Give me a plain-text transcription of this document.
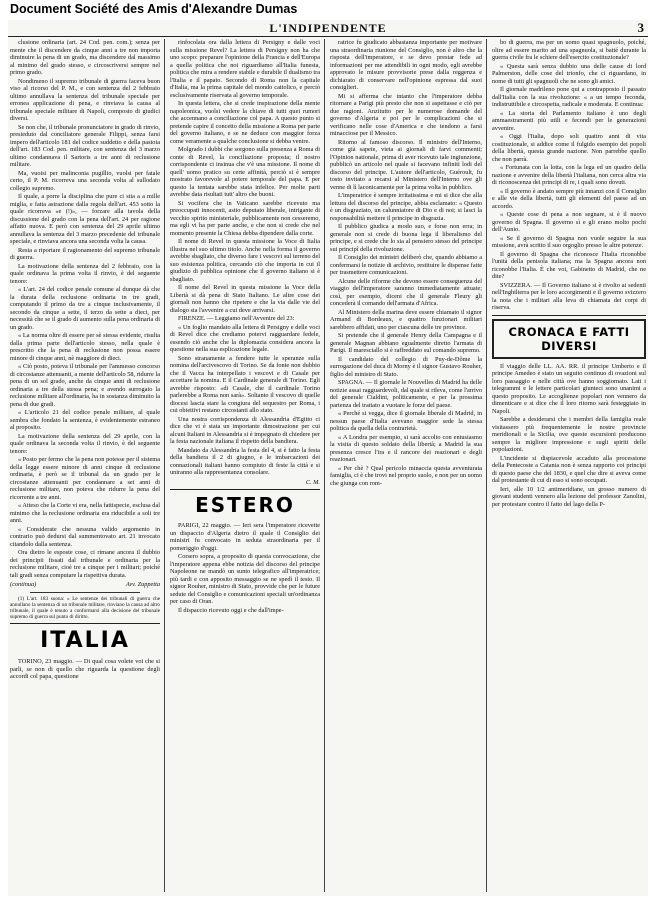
Document Société des Amis d'Alexandre Dumas
L'INDIPENDENTE	3

clusione ordinaria (art. 24 Cod. pen. com.); senza per mente che il discendere da cinque anni a tre non importa diminuire la pena di un grado, ma discendere dal massimo al minimo del grado stesso, e circoscriversi sempre nel primo grado.

Nondimeno il supremo tribunale di guerra faceva buon viso al ricorso del P. M., e con sentenza del 2 febbraio ultimo annullava la sentenza del tribunale speciale per erronea applicazione di pena, e rinviava la causa al tribunale speciale militare di Napoli, composto di giudici diversi.

Se non che, il tribunale pronunciatore in grado di rinvio, presieduto dal conciliatore generale Filippi, senza farsi impero dell'articolo 181 del codice suddetto e della pastoia dell'art. 183 Cod. pen. militare, con sentenza del 3 marzo ultimo condannava il Sartoris a tre anni di reclusione militare.

Ma, vuoisi per malinconia pugillio, vuolsi per fatale certo, il P. M. ricorreva una seconda volta al sullodato collegio supremo.

Il quale, a porre la disciplina che pure ci stia a a mille miglia, e fatta astrazione dalla regola dell'art. 453 sotto la quale ricorreva «e (!)», — forzare alla tavola della discussione del grado con la pena dell'art. 24 per ragione affatto nuova. E però con sentenza del 29 aprile ultimo annullava la sentenza del 3 marzo precedente del tribunale speciale, e rinviava ancora una seconda volta la causa.

Resta a riportare il ragionamento del supremo tribunale di guerra.

La motivazione della sentenza del 2 febbraio, con la quale ordinava la prima volta il rinvio, è del seguente tenore:

« L'art. 24 del codice penale comune al dunque dà che la durata della reclusione ordinaria in tre gradi, computando il primo da tre a cinque inclusivamente, il secondo da cinque a sette, il terzo da sette a dieci, per necessità che se il grado di aumento sulla pena ordinaria di un grado.

« La norma oltre di essere per sè stessa evidente, risulta dalla prima parte dell'articolo stesso, nella quale è prescritto che la pena di reclusione non possa essere minore di cinque anni, nè maggiore di dieci.

« Ciò posto, poteva il tribunale per l'ammesso concorso di circostanze attenuanti, a mente dell'articolo 58, ridurre la pena di un sol grado, anche da cinque anni di reclusione ordinaria a tre della stessa pena; e avendo surrogato la reclusione militare all'ordinaria, ha in sostanza diminuito la pena di due gradi.

« L'articolo 21 del codice penale militare, al quale sembra che fondato la sentenza, è evidentemente estraneo al proposito.

La motivazione della sentenza del 29 aprile, con la quale ordinava la seconda volta il rinvio, è del seguente tenore:

« Posto per fermo che la pena non potesse per il sistema della legge essere minore di anni cinque di reclusione ordinaria, è però se il tribunal da un grado per le circostanze attenuanti per condannare a sei anni di reclusione militare, non poteva che ridurre la pena del ricorrente a tre anni.

« Atteso che la Corte vi era, nella fattispecie, esclusa dal minimo che la reclusione ordinaria era riducibile a soli tre anni.

« Considerate che nessuna valido argomento in contrario può dedursi dal summentovato art. 21 invocato citandolo dalla sentenza.

Ora dietro le esposte cose, ci rimane ancora il dubbio dei principii fissati dal tribunale e ordinaria per la reclusione militare, cioè tre a cinque per i militari; poiché tali gradi senza computare la rispettiva durata.

(continua)	Avv. Zuppetta

(1) L'art. 183 suona: « Le sentenze dei tribunali di guerra che annullano la sentenza di un tribunale militare, rinviano la causa ad altro tribunale, il quale è tenuto a conformarsi alla decisione del tribunale supremo di guerra sul punto di diritto.

ITALIA

TORINO, 23 maggio. — Di qual cosa volete voi che si parli, se non di quello che riguarda la questione degli accordi col papa, questione

rinfocolata ora dalla lettera di Persigny e dalle voci sulla missione Revel? La lettera di Persigny non ha che uno scopo: preparare l'opinione della Francia e dell'Europa a quella politica che noi riguardiamo all'Italia funesta, politica che mira a rendere stabile e durabile il dualismo tra l'Italia e il papato. Secondo di Roma non la capitale d'Italia, ma la prima capitale del mondo cattolico, e perciò esclusivamente riservata al governo temporale.

In questa lettera, che si crede inspirazione della mente napoleonica, vuolsi vedere la chiave di tutti quei rumori che accennano a conciliazione col papa. A questo punto si pretende capire il concetto della missione a Roma per parte del governo italiano, e se ne deduce con maggior forza come veramente a qualche conclusione si debba venire.

Molgrado i dubbi che sorgono sulla presenza a Roma di conte di Revel, la conciliazione proposta; il nostro corrispondente ci insinua che v'è una missione. Il nome di quell' uomo pratico su certe affinità, perciò si è sempre mostrato favorevole al potere temporale del papa. E per questo la tentata sarebbe stata infelice. Per molte parti avrebbe data risultati tutt' altro che buoni.

Si vocifera che in Vaticano sarebbe ricevuto ma preoccupati innocenti, astio deputato liberale, intrigante di vecchio spirito ministeriale, pubblicamente non cesseremo, ma egli vi ha per parte anche, e che non si crede che nel momento presente la Chiesa debba dipendere dalla corte.

Il nome di Revel in questa missione la Voce di Italia illustra nel suo ultimo titolo. Anche nella forma il governo avrebbe sbagliato, che diverso fare i vescovi sul terreno del suo esistenza politica, cercando ciò che importa in cui il giudizio di pubblica opinione che il governo italiano si è sbagliato.

Il nome del Revel in questa missione la Voce della Libertà si dà pena di Stato Italiano. Le altre cose dei giornali non hanno che ripetere e che la via dalle vie del dialogo sia l'avvenire a cui deve arrivarsi.

FIRENZE. — Leggiamo nell'Avvenire del 23:

« Un foglio mandato alla lettera di Persigny e delle voci di Revel dice che crediamo potervi ragguardare fedele, essendo ciò anche che la diplomazia considera ancora la questione nella sua esplicazione legale.

Sono stranamente a fendere tutte le speranze sulla nomina dell'arcivescovo di Torino. Se da fonte non dubbio che il Vacca ha interpellato i vescovi e di Casale per accettare la nomina. E il Cardinale generale di Torino. Egli avrebbe risposto: «di Casale, che il cardinale Torino parlerebbe a Roma non sarà». Soltanto il vescovo di quelle diocesi lascia stare la congiura del sequestro per Roma, i cui obiettivi restano circostanti allo stato.

Una nostra corrispondenza di Alessandria d'Egitto ci dice che vi è stata un importante dimostrazione per cui alcuni Italiani in Alessandria si è impegnato di chiedere per la festa nazionale italiana il rispetto della bandiera.

Mandato da Alessandria la festa del 4, si è fatto la festa della bandiera il 2 di giugno, e le imbarcazioni dei connazionali italiani hanno compiuto di feste la città e si uniranno alla rappresentanza consolare.

C. M.
ESTERO

PARIGI, 22 maggio. — Ieri sera l'imperatore ricevette un dispaccio d'Algeria dietro il quale il Consiglio dei ministri fu convocato in seduta straordinaria per il pomeriggio d'oggi.

Corsero sopra, a proposito di questa convocazione, che l'imperatore appena ebbe notizia del discorso del principe Napoleone ne mandò un sunto telegrafico all'imperatrice; più tardi e con apposito messaggio se ne spedì il testo. Il signor Rouher, ministro di Stato, provvide che per le future sedute del Consiglio e comunicazioni speciali un'ordinanza per caso di Oran.

Il dispaccio ricevuto oggi e che dall'impe-

ratrice fu giudicato abbastanza importante per motivare una straordinaria riunione del Consiglio, non è altro che la risposta dell'imperatore, e se devo prestar fede ad informazioni per me attendibili in ogni modo, egli avrebbe approvato le misure provvisorie prese dalla reggenza e dichiarato di conservare nell'opinione espressa dal suoi consiglieri.

Mi si afferma che intanto che l'imperatore debba ritornare a Parigi più presto che non si aspettasse e ciò per due ragioni. Anzitutto per le numerose domande del governo d'Algeria e poi per le complicazioni che si verificano nelle cose d'America e che tendono a farsi minacciose per il Messico.

Ritorno al famoso discorso. Il ministro dell'Interno, come già sapete, vieta ai giornali di farvi commenti; l'Opinion nationale, prima di aver ricevuto tale ingiunzione, pubblicò un articolo nel quale si facevano infiniti lodi del discorso del principe. L'autore dell'articolo, Guéroult, fu tosto invitato a recarsi al Ministero dell'Interno ove gli venne di lì laconicamente per la prima volta in pubblico.

L'imperatrice è sempre irritatissima e mi si dice che alla lettura del discorso del principe, abbia esclamato: « Questo è un disgraziato, un calunniatore di Dio e di noi; si lasci la responsabilità mettere il principe in disgrazia.

Il pubblico giudica a modo suo, e forse non erra; in generale non si crede di buona lega il liberalismo del principe, e si crede che lo sia al pensiero stesso del principe sui principî della rivoluzione.

Il Consiglio dei ministri deliberò che, quando abbiamo a confermarsi le notizie di archivio, restituire le dispense fatte per trasmettere comunicazioni.

Alcune delle riforme che devono essere conseguenza del viaggio dell'imperatore saranno immediatamente attuate; così, per esempio, diceni che il generale Fleury gli concederà il comando dell'armata d'Africa.

Al Ministero della marina deve essere chiamato il signor Armand di Bordeaux, e quattro funzionari militari sarebbero affidati, uno per ciascuna delle tre province.

Si pretende che il generale Henry della Campagna e il generale Magnan abbiano egualmente diretto l'armata di Parigi. Il maresciallo si è raffreddato sul comando supremo.

Il candidato del collegio di Puy-de-Dôme la surrogazione del duca di Morny è il signor Gustavo Rouher, figlio del ministro di Stato.

SPAGNA. — Il giornale le Nouvelles di Madrid ha delle notizie assai ragguardevoli, dal quale si rileva, come l'arrivo del generale Cialdini, politicamente, e per la prossima partenza del trattato a vuotare le forze del paese.

« Perché si vegga, dice il giornale liberale di Madrid, in nessun paese d'Italia avevano maggior sede la stessa politica da quella della contrarietà.

« A Londra per esempio, si sarà accolto con entusiasmo la visita di questo soldato della libertà; a Madrid la sua presenza cresce l'ira e il rancore dei reazionari e degli reazionari.

« Per chè ? Qual pericolo minaccia questa avventurata famiglia, ci è che trovi nel proprio suolo, e non per un uomo che giunga con rom-

bo di guerra, ma per un uomo quasi spagnuolo, poiché, oltre ad essere marito ad una spagnuola, si batté durante la guerra civile fra le schiere dell'esercito costituzionale?

« Questa sarà senza dubbio una delle cause di lord Palmerston, delle cose del trionfo, che ci riguardano, in nome di tutti gli spagnuoli che ne sono gli amici.

Il giornale madrileno pone qui a contrapposto il passato dall'Italia con la sua rivoluzione: « a un tempo feconda, indistruttibile e circospetta, radicale e moderata. E continua:

« La storia del Parlamento italiano è uno degli ammaestramenti più utili e fecondi per le generazioni avvenire.

« Oggi l'Italia, dopo soli quattro anni di vita costituzionale, si addice come il fulgido esempio dei popoli della libertà, questa grande nazione. Non parrebbe quello che non parrà.

« Fortunata con la lotta, con la lega ed un quadro della nazione e avvenire della libertà l'italiana, non cerca altra via di riconoscenza dei principi di re, i quali sono dovuti.

« Il governo è andato sempre più innanzi con il Consiglio e alle vie della libertà, tutti gli elementi del paese ad un accordo.

« Queste cose di pena a non segnare, si è il nuovo governo di Spagna. Il governo sì e gli erano molto pochi dell'Aunio.

« Se il governo di Spagna non vuole seguire la sua missione, avrà scritto il suo orgoglio presso le altre potenze.

Il governo di Spagna che riconosce l'Italia riconobbe l'unità della penisola italiana; ma la Spagna ancora non riconobbe l'Italia. È che voi, Gabinetto di Madrid, che ne dite?

SVIZZERA. — Il Governo italiano si è rivolto ai sedenti nell'Inghilterra per le loro accorgimenti e il governo svizzero la nota che i militari alla leva di chiamata dei corpi di riserva.

CRONACA E FATTI DIVERSI

Il viaggio delle LL. AA. RR. il principe Umberto e il principe Amedeo è stato un seguito continuo di ovazioni sul loro passaggio e nelle città ove hanno soggiornato. Lati i telegrammi e le lettere particolari giunteci sono unanimi a questo proposito. Le accoglienze popolari non vennero da dimenticare e si dice che il loro ritorno sarà festeggiato in Napoli.

Sarebbe a desiderarsi che i membri della famiglia reale visitassero più frequentemente le nostre provincie meridionali e la Sicilia, ove queste escursioni producono sempre la migliore impressione e sugli spiriti delle popolazioni.

L'incidente si dispiacevole accaduto alla processione della Pentecoste a Catania non è senza rapporto coi principi di questo paese che del 1830, e quel che dire si aveva come dal protestante di cui di esso si sono occupati.

Ieri, alle 10 1/2 antimeridiane, un grosso numero di giovani studenti vennero alla lezione del professor Zanolini, per protestare contro il fatto del lago della P-
